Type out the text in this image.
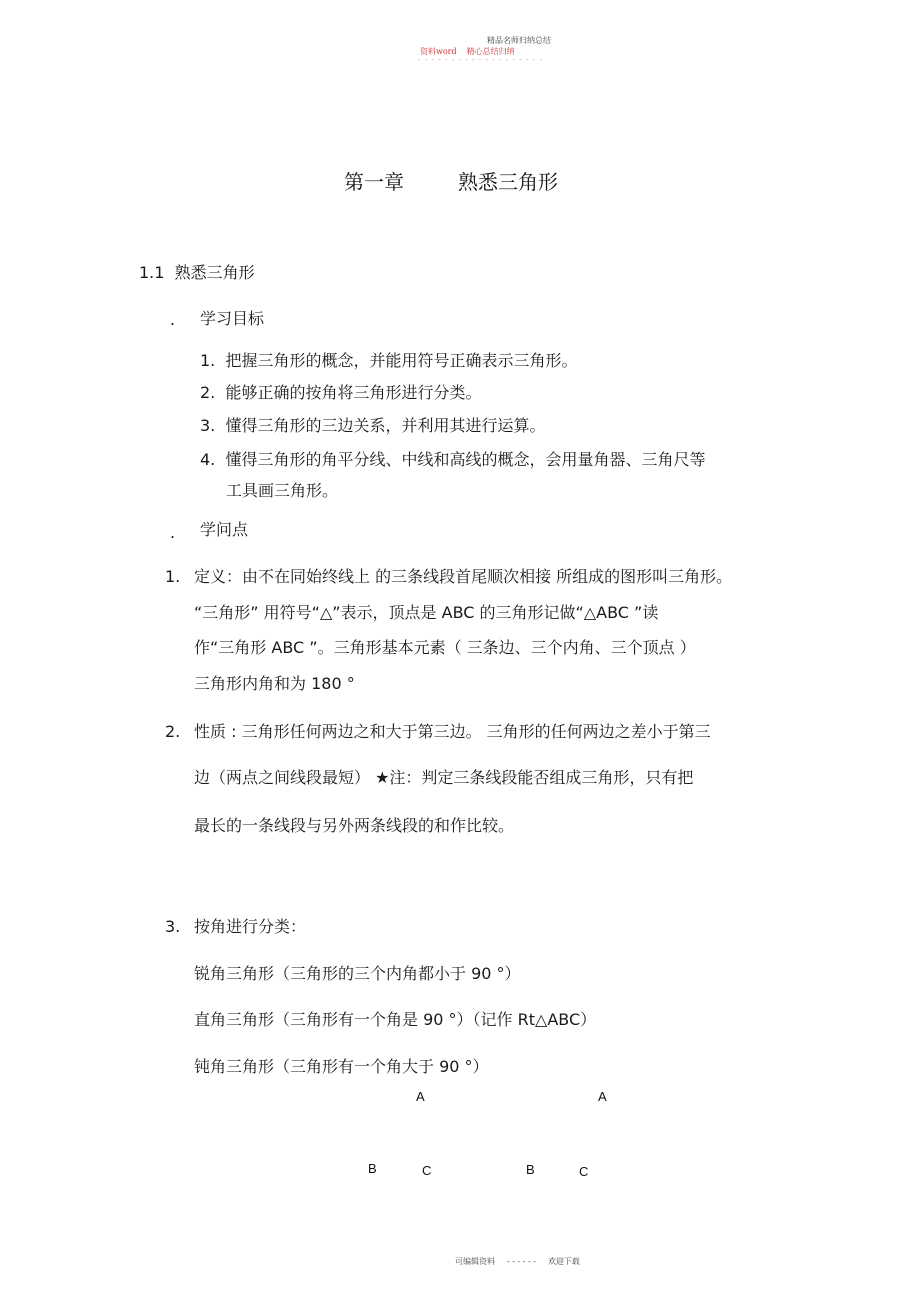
精品名师归纳总结
资料word 精心总结归纳
- - - - - - - - - - - - - - - - - - -
第一章	熟悉三角形
1.1 熟悉三角形
. 学习目标
1. 把握三角形的概念，并能用符号正确表示三角形。
2. 能够正确的按角将三角形进行分类。
3. 懂得三角形的三边关系，并利用其进行运算。
4. 懂得三角形的角平分线、中线和高线的概念，会用量角器、三角尺等
工具画三角形。
. 学问点
1. 定义：由不在同始终线上 的三条线段首尾顺次相接 所组成的图形叫三角形。
“三角形” 用符号“△”表示，顶点是 ABC 的三角形记做“△ABC ”读
作“三角形 ABC ”。三角形基本元素（ 三条边、三个内角、三个顶点 ）
三角形内角和为 180 °
2. 性质 : 三角形任何两边之和大于第三边。 三角形的任何两边之差小于第三
边（两点之间线段最短） ★注：判定三条线段能否组成三角形，只有把
最长的一条线段与另外两条线段的和作比较。
3. 按角进行分类：
锐角三角形（三角形的三个内角都小于 90 °）
直角三角形（三角形有一个角是 90 °）（记作 Rt△ABC）
钝角三角形（三角形有一个角大于 90 °）
A
B	C
A
B	C
可编辑资料 - - - - - - 欢迎下载
